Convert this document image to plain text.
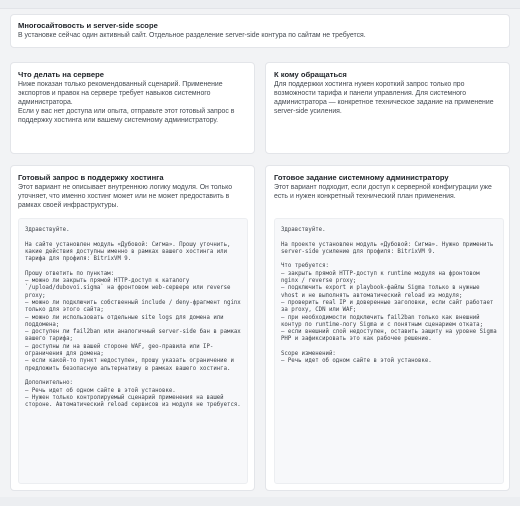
Многосайтовость и server-side scope
В установке сейчас один активный сайт. Отдельное разделение server-side контура по сайтам не требуется.
Что делать на сервере
Ниже показан только рекомендованный сценарий. Применение экспортов и правок на сервере требует навыков системного администратора.
Если у вас нет доступа или опыта, отправьте этот готовый запрос в поддержку хостинга или вашему системному администратору.
К кому обращаться
Для поддержки хостинга нужен короткий запрос только про возможности тарифа и панели управления. Для системного администратора — конкретное техническое задание на применение server-side усиления.
Готовый запрос в поддержку хостинга
Этот вариант не описывает внутреннюю логику модуля. Он только уточняет, что именно хостинг может или не может предоставить в рамках своей инфраструктуры.
Здравствуйте.

На сайте установлен модуль «Дубовой: Сигма». Прошу уточнить, какие действия доступны именно в рамках вашего хостинга или тарифа для профиля: BitrixVM 9.

Прошу ответить по пунктам:
– можно ли закрыть прямой HTTP-доступ к каталогу `/upload/dubovoi.sigma` на фронтовом web-сервере или reverse proxy;
– можно ли подключить собственный include / deny-фрагмент nginx только для этого сайта;
– можно ли использовать отдельные site logs для домена или поддомена;
– доступен ли fail2ban или аналогичный server-side бан в рамках вашего тарифа;
– доступны ли на вашей стороне WAF, geo-правила или IP-ограничения для домена;
– если какой-то пункт недоступен, прошу указать ограничение и предложить безопасную альтернативу в рамках вашего хостинга.

Дополнительно:
– Речь идет об одном сайте в этой установке.
– Нужен только контролируемый сценарий применения на вашей стороне. Автоматический reload сервисов из модуля не требуется.
Готовое задание системному администратору
Этот вариант подходит, если доступ к серверной конфигурации уже есть и нужен конкретный технический план применения.
Здравствуйте.

На проекте установлен модуль «Дубовой: Сигма». Нужно применить server-side усиление для профиля: BitrixVM 9.

Что требуется:
– закрыть прямой HTTP-доступ к runtime модуля на фронтовом nginx / reverse proxy;
– подключить export и playbook-файлы Sigma только в нужные vhost и не выполнять автоматический reload из модуля;
– проверить real IP и доверенные заголовки, если сайт работает за proxy, CDN или WAF;
– при необходимости подключить fail2ban только как внешний контур по runtime-логу Sigma и с понятным сценарием отката;
– если внешний слой недоступен, оставить защиту на уровне Sigma PHP и зафиксировать это как рабочее решение.

Scope изменений:
– Речь идет об одном сайте в этой установке.
